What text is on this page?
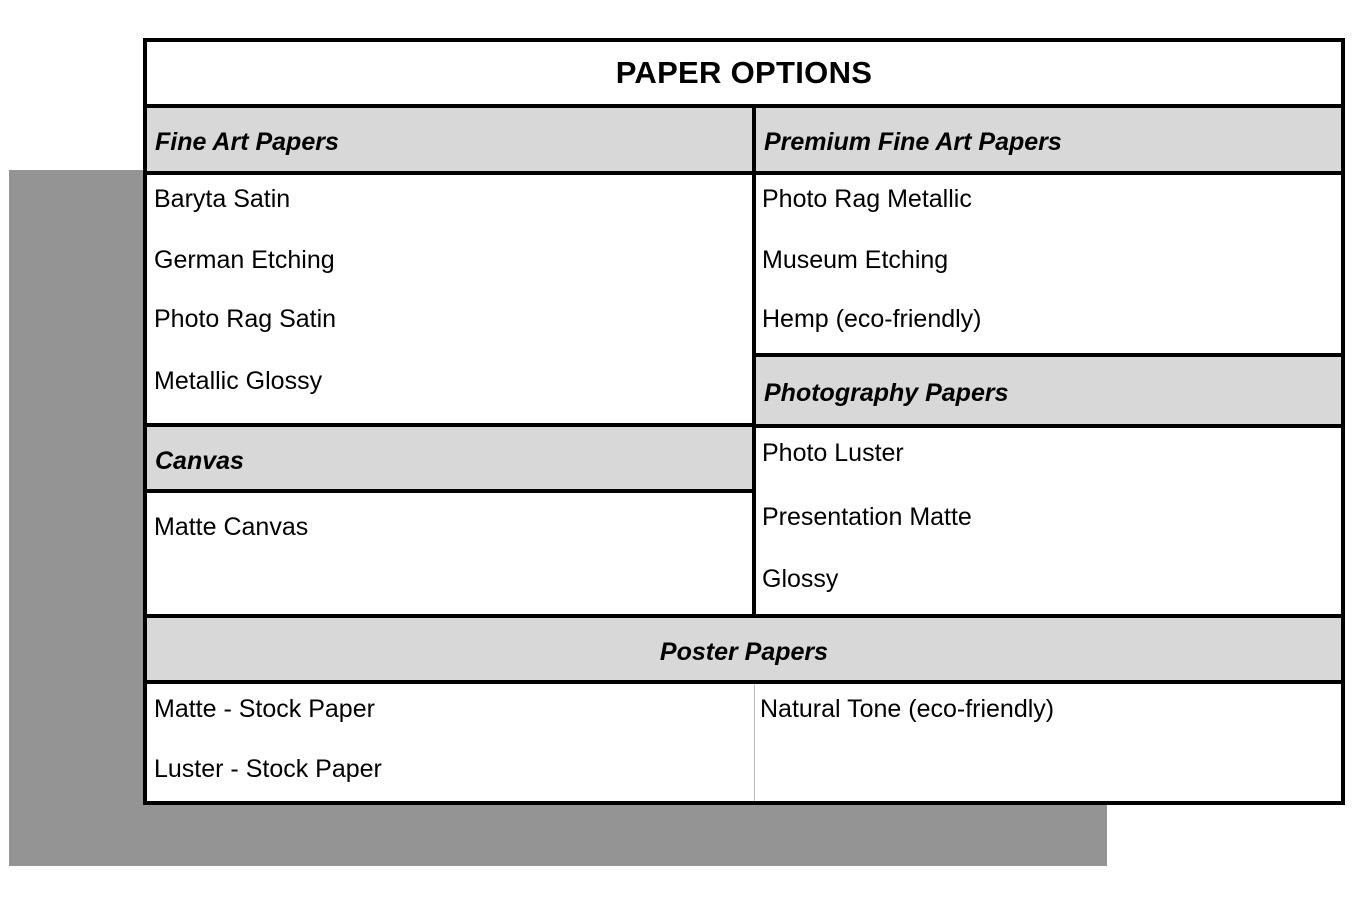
PAPER OPTIONS
Fine Art Papers	Premium Fine Art Papers
Baryta Satin
German Etching
Photo Rag Satin
Metallic Glossy
Photo Rag Metallic
Museum Etching
Hemp (eco-friendly)
Photography Papers
Canvas
Matte Canvas
Photo Luster
Presentation Matte
Glossy
Poster Papers
Matte - Stock Paper
Luster - Stock Paper
Natural Tone (eco-friendly)
